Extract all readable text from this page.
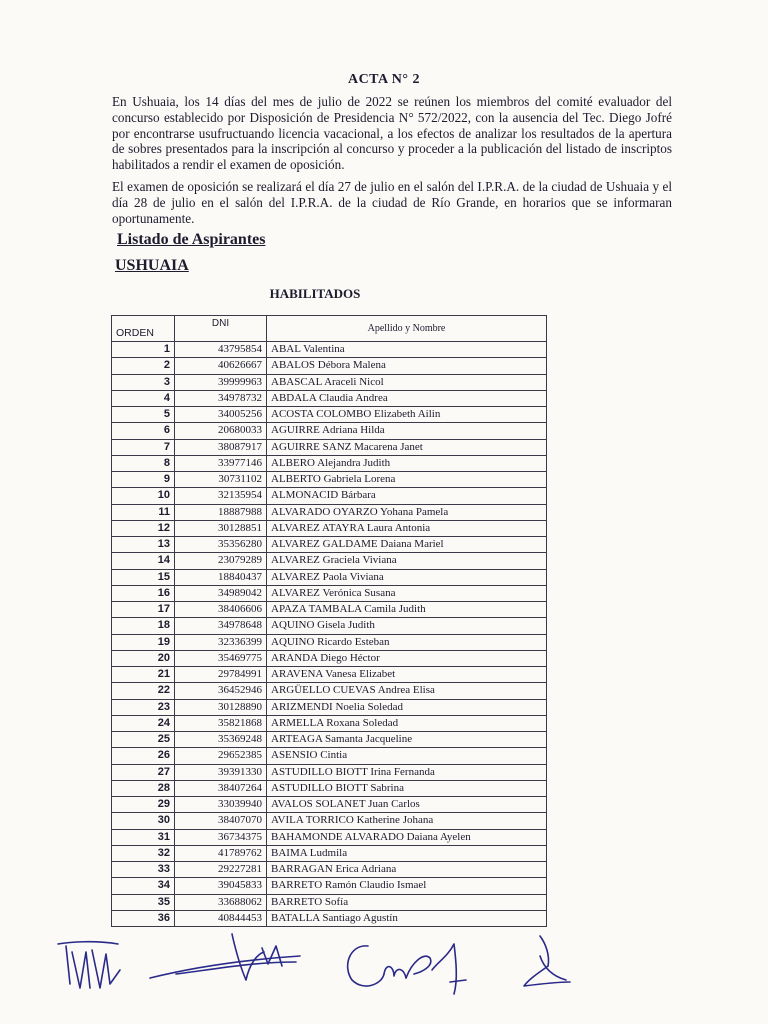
ACTA N° 2
En Ushuaia, los 14 días del mes de julio de 2022 se reúnen los miembros del comité evaluador del concurso establecido por Disposición de Presidencia N° 572/2022, con la ausencia del Tec. Diego Jofré por encontrarse usufructuando licencia vacacional, a los efectos de analizar los resultados de la apertura de sobres presentados para la inscripción al concurso y proceder a la publicación del listado de inscriptos habilitados a rendir el examen de oposición.
El examen de oposición se realizará el día 27 de julio en el salón del I.P.R.A. de la ciudad de Ushuaia y el día 28 de julio en el salón del I.P.R.A. de la ciudad de Río Grande, en horarios que se informaran oportunamente.
Listado de Aspirantes
USHUAIA
HABILITADOS
ORDEN	DNI	Apellido y Nombre
1	43795854	ABAL Valentina
2	40626667	ABALOS Débora Malena
3	39999963	ABASCAL Araceli Nicol
4	34978732	ABDALA Claudia Andrea
5	34005256	ACOSTA COLOMBO Elizabeth Ailin
6	20680033	AGUIRRE Adriana Hilda
7	38087917	AGUIRRE SANZ Macarena Janet
8	33977146	ALBERO Alejandra Judith
9	30731102	ALBERTO Gabriela Lorena
10	32135954	ALMONACID Bárbara
11	18887988	ALVARADO OYARZO Yohana Pamela
12	30128851	ALVAREZ ATAYRA Laura Antonia
13	35356280	ALVAREZ GALDAME Daiana Mariel
14	23079289	ALVAREZ Graciela Viviana
15	18840437	ALVAREZ Paola Viviana
16	34989042	ALVAREZ Verónica Susana
17	38406606	APAZA TAMBALA Camila Judith
18	34978648	AQUINO Gisela Judith
19	32336399	AQUINO Ricardo Esteban
20	35469775	ARANDA Diego Héctor
21	29784991	ARAVENA Vanesa Elizabet
22	36452946	ARGÜELLO CUEVAS Andrea Elisa
23	30128890	ARIZMENDI Noelia Soledad
24	35821868	ARMELLA Roxana Soledad
25	35369248	ARTEAGA Samanta Jacqueline
26	29652385	ASENSIO Cintia
27	39391330	ASTUDILLO BIOTT Irina Fernanda
28	38407264	ASTUDILLO BIOTT Sabrina
29	33039940	AVALOS SOLANET Juan Carlos
30	38407070	AVILA TORRICO Katherine Johana
31	36734375	BAHAMONDE ALVARADO Daiana Ayelen
32	41789762	BAIMA Ludmila
33	29227281	BARRAGAN Erica Adriana
34	39045833	BARRETO Ramón Claudio Ismael
35	33688062	BARRETO Sofía
36	40844453	BATALLA Santiago Agustín
